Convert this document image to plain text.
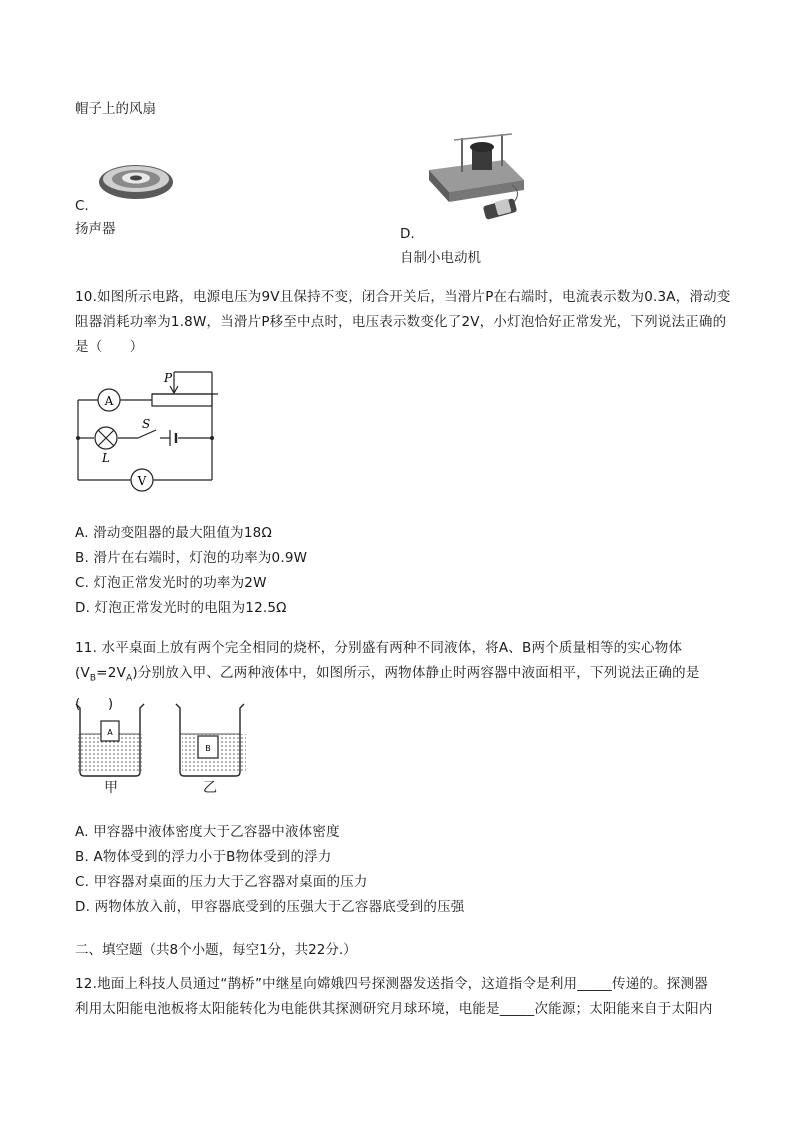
帽子上的风扇
C.
扬声器	D.
自制小电动机
10.如图所示电路，电源电压为9V且保持不变，闭合开关后，当滑片P在右端时，电流表示数为0.3A，滑动变
阻器消耗功率为1.8W，当滑片P移至中点时，电压表示数变化了2V，小灯泡恰好正常发光，下列说法正确的
是（　　）
A
V
P
S
L
A. 滑动变阻器的最大阻值为18Ω
B. 滑片在右端时，灯泡的功率为0.9W
C. 灯泡正常发光时的功率为2W
D. 灯泡正常发光时的电阻为12.5Ω
11. 水平桌面上放有两个完全相同的烧杯，分别盛有两种不同液体，将A、B两个质量相等的实心物体
$(V_B=2V_A)$分别放入甲、乙两种液体中，如图所示，两物体静止时两容器中液面相平，下列说法正确的是(　　)
A
B
甲	乙
A. 甲容器中液体密度大于乙容器中液体密度
B. A物体受到的浮力小于B物体受到的浮力
C. 甲容器对桌面的压力大于乙容器对桌面的压力
D. 两物体放入前，甲容器底受到的压强大于乙容器底受到的压强
二、填空题（共8个小题，每空1分，共22分.）
12.地面上科技人员通过“鹊桥”中继星向嫦娥四号探测器发送指令，这道指令是利用_____传递的。探测器
利用太阳能电池板将太阳能转化为电能供其探测研究月球环境，电能是_____次能源；太阳能来自于太阳内
